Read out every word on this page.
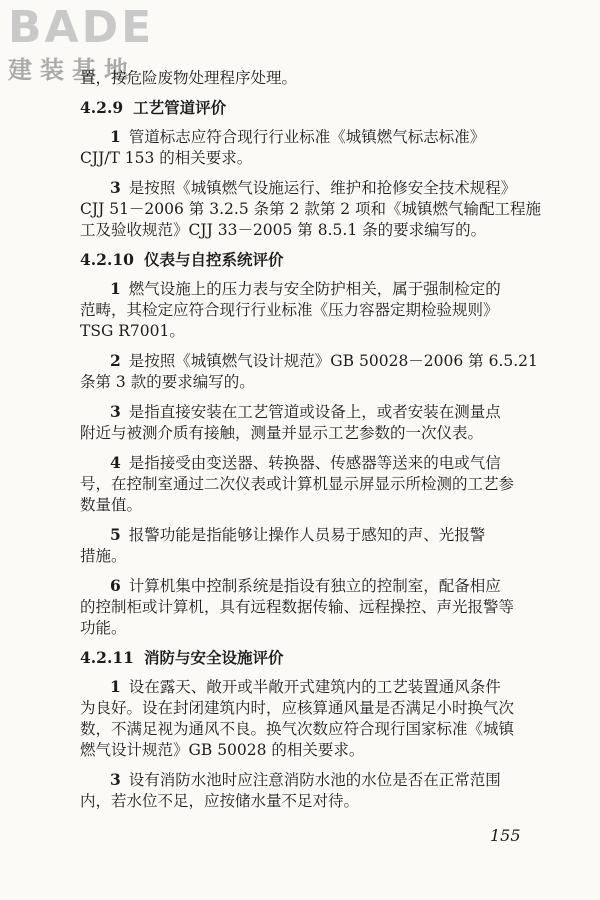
BADE
建装基地
置，按危险废物处理程序处理。
4.2.9 工艺管道评价
1 管道标志应符合现行行业标准《城镇燃气标志标准》
CJJ/T 153 的相关要求。
3 是按照《城镇燃气设施运行、维护和抢修安全技术规程》
CJJ 51－2006 第 3.2.5 条第 2 款第 2 项和《城镇燃气输配工程施
工及验收规范》CJJ 33－2005 第 8.5.1 条的要求编写的。
4.2.10 仪表与自控系统评价
1 燃气设施上的压力表与安全防护相关，属于强制检定的
范畴，其检定应符合现行行业标准《压力容器定期检验规则》
TSG R7001。
2 是按照《城镇燃气设计规范》GB 50028－2006 第 6.5.21
条第 3 款的要求编写的。
3 是指直接安装在工艺管道或设备上，或者安装在测量点
附近与被测介质有接触，测量并显示工艺参数的一次仪表。
4 是指接受由变送器、转换器、传感器等送来的电或气信
号，在控制室通过二次仪表或计算机显示屏显示所检测的工艺参
数量值。
5 报警功能是指能够让操作人员易于感知的声、光报警
措施。
6 计算机集中控制系统是指设有独立的控制室，配备相应
的控制柜或计算机，具有远程数据传输、远程操控、声光报警等
功能。
4.2.11 消防与安全设施评价
1 设在露天、敞开或半敞开式建筑内的工艺装置通风条件
为良好。设在封闭建筑内时，应核算通风量是否满足小时换气次
数，不满足视为通风不良。换气次数应符合现行国家标准《城镇
燃气设计规范》GB 50028 的相关要求。
3 设有消防水池时应注意消防水池的水位是否在正常范围
内，若水位不足，应按储水量不足对待。
155
